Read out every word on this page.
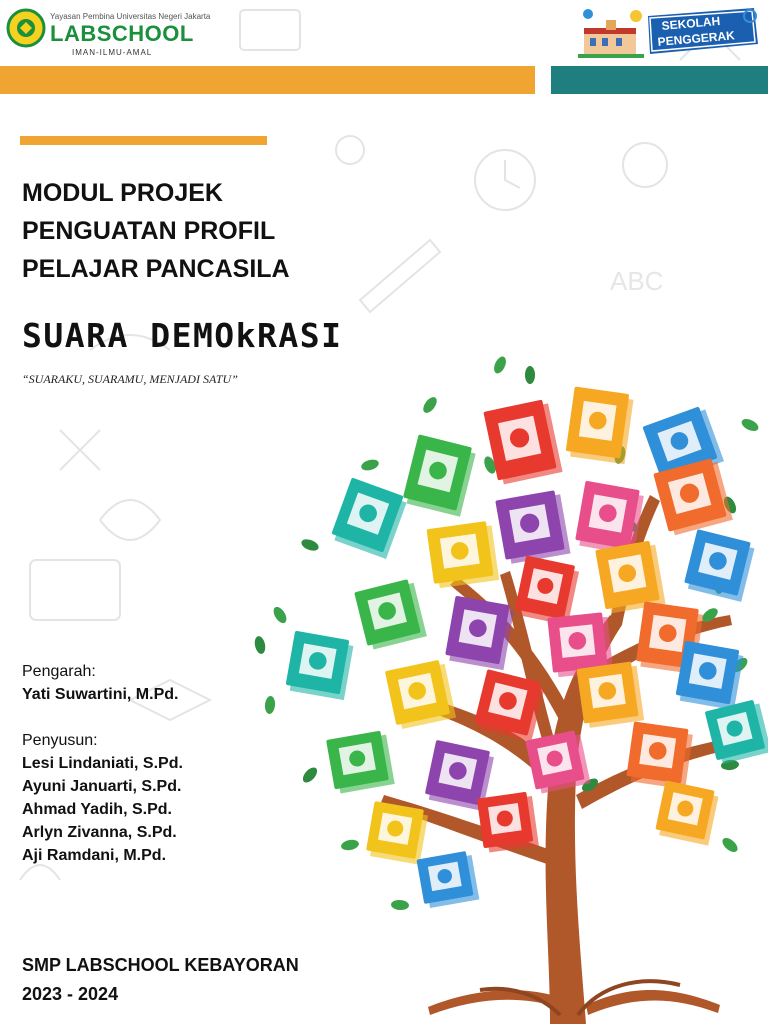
ABC
Yayasan Pembina Universitas Negeri Jakarta
LABSCHOOL
IMAN-ILMU-AMAL
SEKOLAH
PENGGERAK
MODUL PROJEK
PENGUATAN PROFIL
PELAJAR PANCASILA
SUARA DEMOkRASI
“SUARAKU, SUARAMU, MENJADI SATU”
Pengarah:
Yati Suwartini, M.Pd.
Penyusun:
Lesi Lindaniati, S.Pd.
Ayuni Januarti, S.Pd.
Ahmad Yadih, S.Pd.
Arlyn Zivanna, S.Pd.
Aji Ramdani, M.Pd.
SMP LABSCHOOL KEBAYORAN
2023 - 2024
